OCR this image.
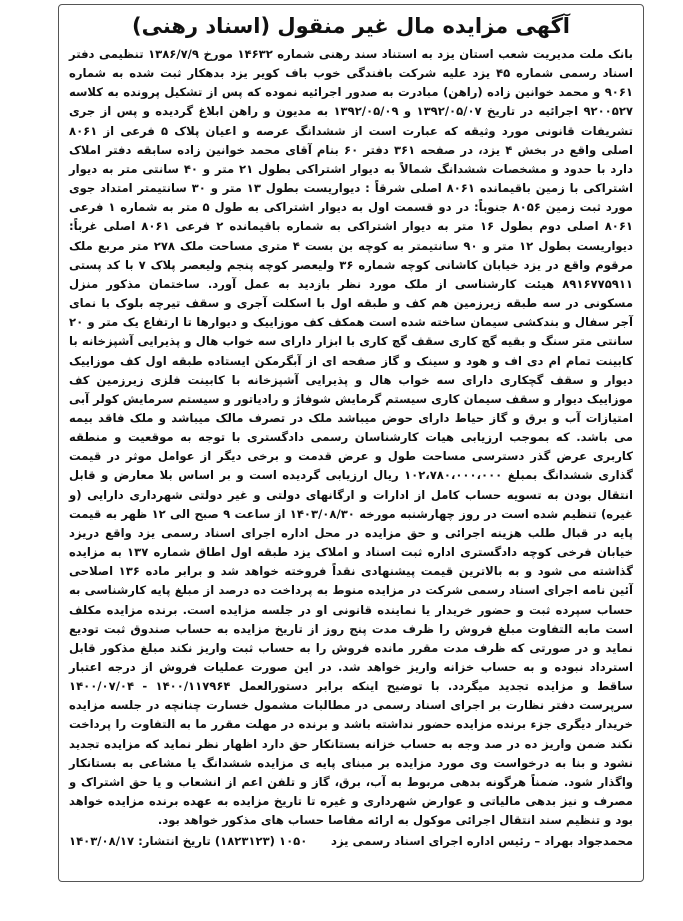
آگهی مزایده مال غیر منقول (اسناد رهنی)

بانک ملت مدیریت شعب استان یزد به استناد سند رهنی شماره ۱۴۶۳۲ مورخ ۱۳۸۶/۷/۹ تنظیمی دفتر اسناد رسمی شماره ۴۵ یزد علیه شرکت بافندگی خوب باف کویر یزد بدهکار ثبت شده به شماره ۹۰۶۱ و محمد خوانین زاده (راهن) مبادرت به صدور اجرائیه نموده که پس از تشکیل پرونده به کلاسه ۹۲۰۰۵۲۷ اجرائیه در تاریخ ۱۳۹۲/۰۵/۰۷ و ۱۳۹۲/۰۵/۰۹ به مدیون و راهن ابلاغ گردیده و پس از جری تشریفات قانونی مورد وثیقه که عبارت است از ششدانگ عرصه و اعیان پلاک ۵ فرعی از ۸۰۶۱ اصلی واقع در بخش ۴ یزد، در صفحه ۳۶۱ دفتر ۶۰ بنام آقای محمد خوانین زاده سابقه دفتر املاک دارد با حدود و مشخصات ششدانگ شمالاً به دیوار اشتراکی بطول ۲۱ متر و ۴۰ سانتی متر به دیوار اشتراکی با زمین باقیمانده ۸۰۶۱ اصلی شرقاً : دیواریست بطول ۱۳ متر و ۳۰ سانتیمتر امتداد جوی مورد ثبت زمین ۸۰۵۶ جنوباً: در دو قسمت اول به دیوار اشتراکی به طول ۵ متر به شماره ۱ فرعی ۸۰۶۱ اصلی دوم بطول ۱۶ متر به دیوار اشتراکی به شماره باقیمانده ۲ فرعی ۸۰۶۱ اصلی غرباً: دیواریست بطول ۱۲ متر و ۹۰ سانتیمتر به کوچه بن بست ۴ متری مساحت ملک ۲۷۸ متر مربع ملک مرقوم واقع در یزد خیابان کاشانی کوچه شماره ۳۶ ولیعصر کوچه پنجم ولیعصر پلاک ۷ با کد پستی ۸۹۱۶۷۷۵۹۱۱ هیئت کارشناسی از ملک مورد نظر بازدید به عمل آورد. ساختمان مذکور منزل مسکونی در سه طبقه زیرزمین هم کف و طبقه اول با اسکلت آجری و سقف تیرچه بلوک با نمای آجر سفال و بندکشی سیمان ساخته شده است همکف کف موزاییک و دیوارها تا ارتفاع یک متر و ۲۰ سانتی متر سنگ و بقیه گچ کاری سقف گچ کاری با ابزار دارای سه خواب هال و پذیرایی آشپزخانه با کابینت تمام ام دی اف و هود و سینک و گاز صفحه ای از آبگرمکن ایستاده طبقه اول کف موزاییک دیوار و سقف گچکاری دارای سه خواب هال و پذیرایی آشپزخانه با کابینت فلزی زیرزمین کف موزاییک دیوار و سقف سیمان کاری سیستم گرمایش شوفاژ و رادیاتور و سیستم سرمایش کولر آبی امتیازات آب و برق و گاز حیاط دارای حوض میباشد ملک در تصرف مالک میباشد و ملک فاقد بیمه می باشد. که بموجب ارزیابی هیات کارشناسان رسمی دادگستری با توجه به موقعیت و منطقه کاربری عرض گذر دسترسی مساحت طول و عرض قدمت و برخی دیگر از عوامل موثر در قیمت گذاری ششدانگ بمبلغ ۱۰۲،۷۸۰،۰۰۰،۰۰۰ ریال ارزیابی گردیده است و بر اساس بلا معارض و قابل انتقال بودن به تسویه حساب کامل از ادارات و ارگانهای دولتی و غیر دولتی شهرداری دارایی (و غیره) تنظیم شده است در روز چهارشنبه مورخه ۱۴۰۳/۰۸/۳۰ از ساعت ۹ صبح الی ۱۲ ظهر به قیمت پایه در قبال طلب هزینه اجرائی و حق مزایده در محل اداره اجرای اسناد رسمی یزد واقع دریزد خیابان فرخی کوچه دادگستری اداره ثبت اسناد و املاک یزد طبقه اول اطاق شماره ۱۳۷ به مزایده گذاشته می شود و به بالاترین قیمت پیشنهادی نقداً فروخته خواهد شد و برابر ماده ۱۳۶ اصلاحی آئین نامه اجرای اسناد رسمی شرکت در مزایده منوط به پرداخت ده درصد از مبلغ پایه کارشناسی به حساب سپرده ثبت و حضور خریدار یا نماینده قانونی او در جلسه مزایده است. برنده مزایده مکلف است مابه التفاوت مبلغ فروش را ظرف مدت پنج روز از تاریخ مزایده به حساب صندوق ثبت تودیع نماید و در صورتی که ظرف مدت مقرر مانده فروش را به حساب ثبت واریز نکند مبلغ مذکور قابل استرداد نبوده و به حساب خزانه واریز خواهد شد. در این صورت عملیات فروش از درجه اعتبار ساقط و مزایده تجدید میگردد. با توضیح اینکه برابر دستورالعمل ۱۴۰۰/۱۱۷۹۶۴ - ۱۴۰۰/۰۷/۰۴ سرپرست دفتر نظارت بر اجرای اسناد رسمی در مطالبات مشمول خسارت چنانچه در جلسه مزایده خریدار دیگری جزء برنده مزایده حضور نداشته باشد و برنده در مهلت مقرر ما به التفاوت را پرداخت نکند ضمن واریز ده در صد وجه به حساب خزانه بستانکار حق دارد اظهار نظر نماید که مزایده تجدید نشود و بنا به درخواست وی مورد مزایده بر مبنای پایه ی مزایده ششدانگ یا مشاعی به بستانکار واگذار شود. ضمناً هرگونه بدهی مربوط به آب، برق، گاز و تلفن اعم از انشعاب و یا حق اشتراک و مصرف و نیز بدهی مالیاتی و عوارض شهرداری و غیره تا تاریخ مزایده به عهده برنده مزایده خواهد بود و تنظیم سند انتقال اجرائی موکول به ارائه مفاصا حساب های مذکور خواهد بود.

محمدجواد بهراد – رئیس اداره اجرای اسناد رسمی یزد
۱۰۵۰ (۱۸۲۳۱۲۳) تاریخ انتشار: ۱۴۰۳/۰۸/۱۷
